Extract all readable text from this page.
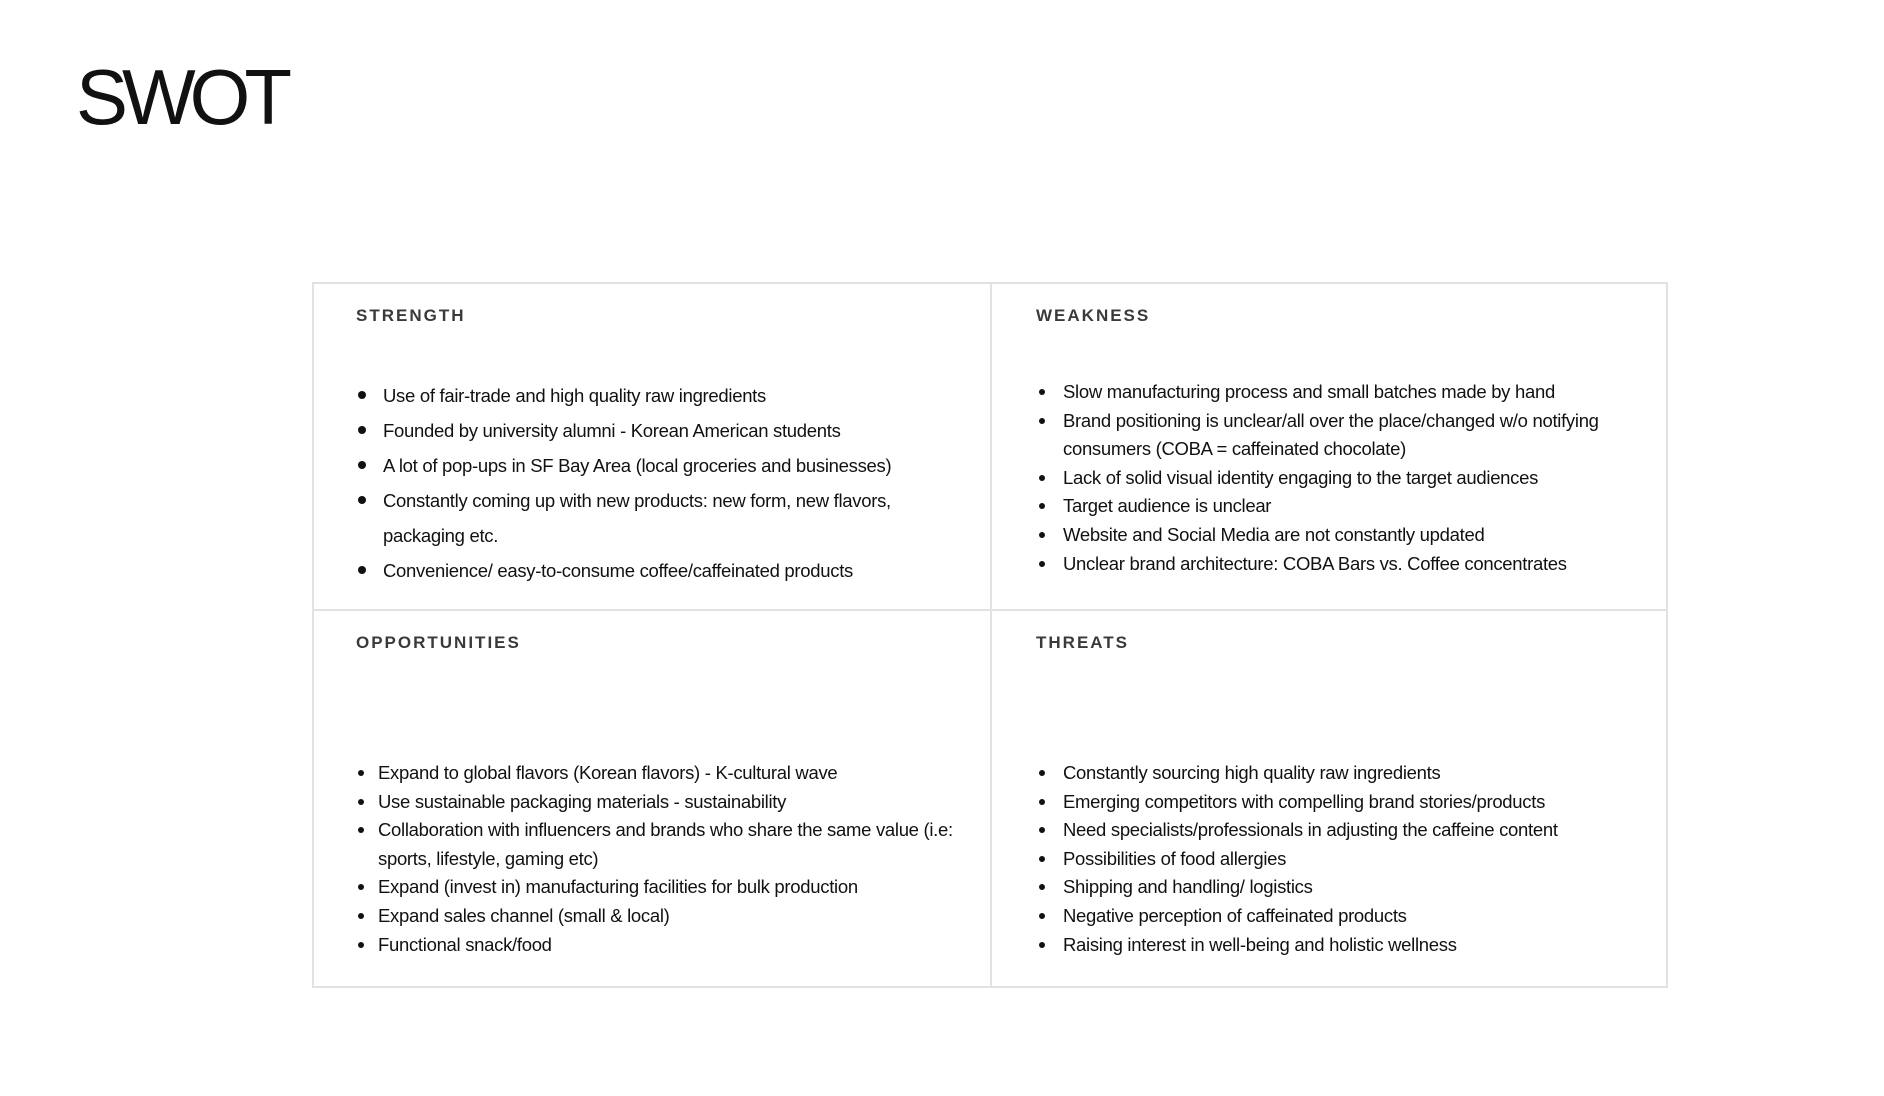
SWOT
STRENGTH
Use of fair-trade and high quality raw ingredients
Founded by university alumni - Korean American students
A lot of pop-ups in SF Bay Area (local groceries and businesses)
Constantly coming up with new products: new form, new flavors, packaging etc.
Convenience/ easy-to-consume coffee/caffeinated products
WEAKNESS
Slow manufacturing process and small batches made by hand
Brand positioning is unclear/all over the place/changed w/o notifying consumers (COBA = caffeinated chocolate)
Lack of solid visual identity engaging to the target audiences
Target audience is unclear
Website and Social Media are not constantly updated
Unclear brand architecture: COBA Bars vs. Coffee concentrates
OPPORTUNITIES
Expand to global flavors (Korean flavors) - K-cultural wave
Use sustainable packaging materials - sustainability
Collaboration with influencers and brands who share the same value (i.e: sports, lifestyle, gaming etc)
Expand (invest in) manufacturing facilities for bulk production
Expand sales channel (small & local)
Functional snack/food
THREATS
Constantly sourcing high quality raw ingredients
Emerging competitors with compelling brand stories/products
Need specialists/professionals in adjusting the caffeine content
Possibilities of food allergies
Shipping and handling/ logistics
Negative perception of caffeinated products
Raising interest in well-being and holistic wellness
